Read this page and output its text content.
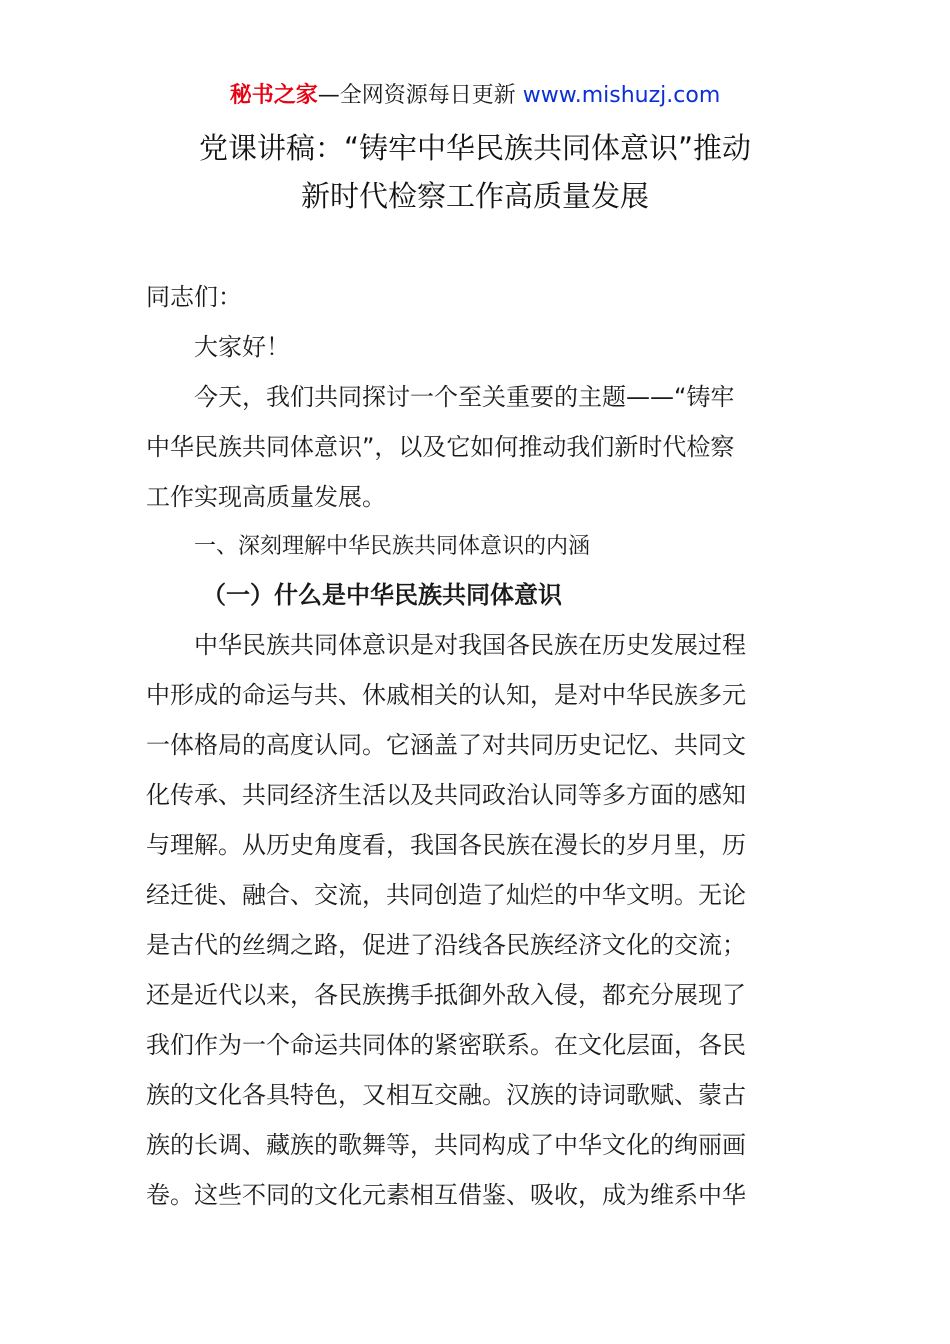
秘书之家—全网资源每日更新 www.mishuzj.com
党课讲稿：“铸牢中华民族共同体意识”推动
新时代检察工作高质量发展
同志们：
大家好！
今天，我们共同探讨一个至关重要的主题——“铸牢
中华民族共同体意识”，以及它如何推动我们新时代检察
工作实现高质量发展。
一、深刻理解中华民族共同体意识的内涵
（一）什么是中华民族共同体意识
中华民族共同体意识是对我国各民族在历史发展过程
中形成的命运与共、休戚相关的认知，是对中华民族多元
一体格局的高度认同。它涵盖了对共同历史记忆、共同文
化传承、共同经济生活以及共同政治认同等多方面的感知
与理解。从历史角度看，我国各民族在漫长的岁月里，历
经迁徙、融合、交流，共同创造了灿烂的中华文明。无论
是古代的丝绸之路，促进了沿线各民族经济文化的交流；
还是近代以来，各民族携手抵御外敌入侵，都充分展现了
我们作为一个命运共同体的紧密联系。在文化层面，各民
族的文化各具特色，又相互交融。汉族的诗词歌赋、蒙古
族的长调、藏族的歌舞等，共同构成了中华文化的绚丽画
卷。这些不同的文化元素相互借鉴、吸收，成为维系中华
